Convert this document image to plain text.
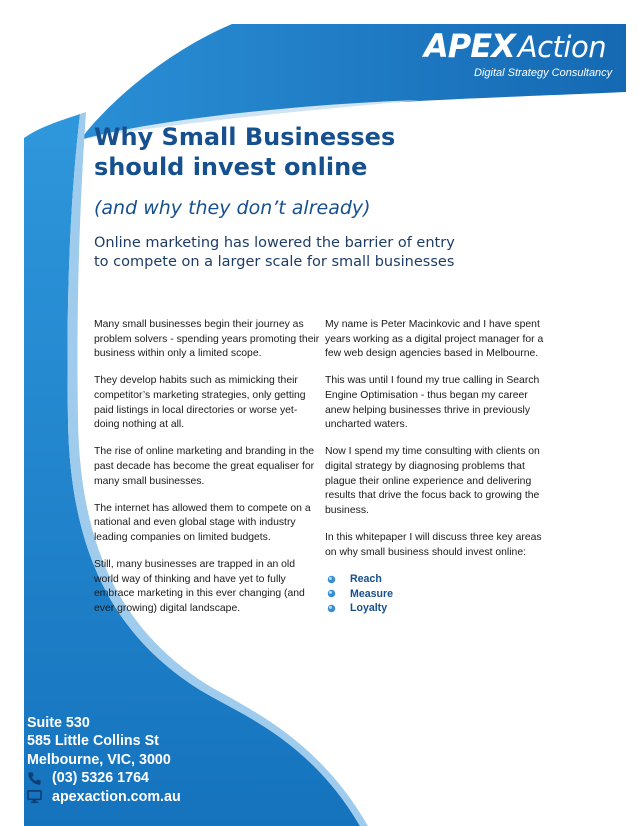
APEX Action
Digital Strategy Consultancy
Why Small Businesses
should invest online

(and why they don’t already)

Online marketing has lowered the barrier of entry
to compete on a larger scale for small businesses

Many small businesses begin their journey as problem solvers - spending years promoting their business within only a limited scope.

They develop habits such as mimicking their competitor’s marketing strategies, only getting paid listings in local directories or worse yet-doing nothing at all.

The rise of online marketing and branding in the past decade has become the great equaliser for many small businesses.

The internet has allowed them to compete on a national and even global stage with industry leading companies on limited budgets.

Still, many businesses are trapped in an old world way of thinking and have yet to fully embrace marketing in this ever changing (and ever growing) digital landscape.

My name is Peter Macinkovic and I have spent years working as a digital project manager for a few web design agencies based in Melbourne.

This was until I found my true calling in Search Engine Optimisation - thus began my career anew helping businesses thrive in previously uncharted waters.

Now I spend my time consulting with clients on digital strategy by diagnosing problems that plague their online experience and delivering results that drive the focus back to growing the business.

In this whitepaper I will discuss three key areas on why small business should invest online:

Reach
Measure
Loyalty
Suite 530
585 Little Collins St
Melbourne, VIC, 3000
(03) 5326 1764
apexaction.com.au
